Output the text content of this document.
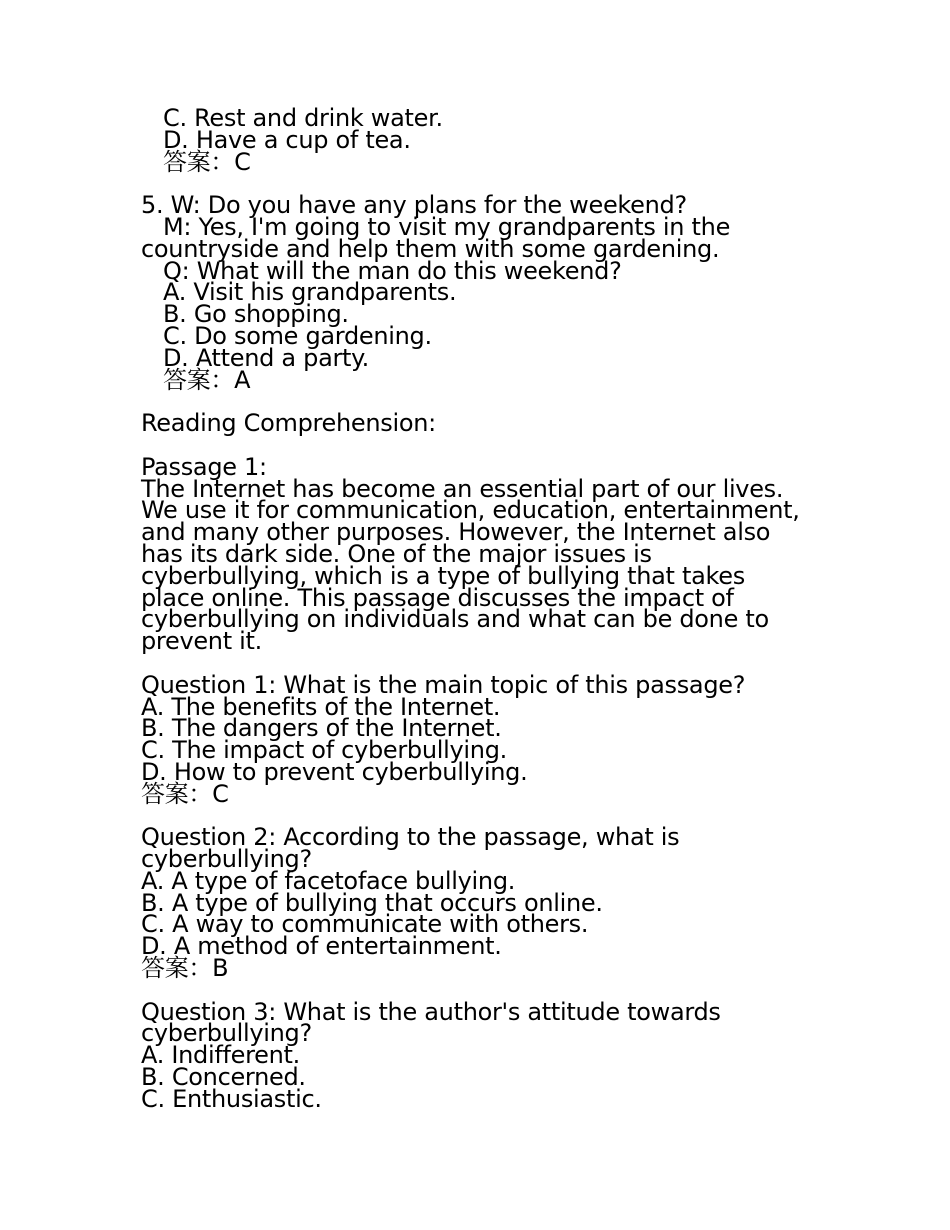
C. Rest and drink water.
D. Have a cup of tea.
答案：C
5. W: Do you have any plans for the weekend?
M: Yes, I'm going to visit my grandparents in the
countryside and help them with some gardening.
Q: What will the man do this weekend?
A. Visit his grandparents.
B. Go shopping.
C. Do some gardening.
D. Attend a party.
答案：A
Reading Comprehension:
Passage 1:
The Internet has become an essential part of our lives.
We use it for communication, education, entertainment,
and many other purposes. However, the Internet also
has its dark side. One of the major issues is
cyberbullying, which is a type of bullying that takes
place online. This passage discusses the impact of
cyberbullying on individuals and what can be done to
prevent it.
Question 1: What is the main topic of this passage?
A. The benefits of the Internet.
B. The dangers of the Internet.
C. The impact of cyberbullying.
D. How to prevent cyberbullying.
答案：C
Question 2: According to the passage, what is
cyberbullying?
A. A type of facetoface bullying.
B. A type of bullying that occurs online.
C. A way to communicate with others.
D. A method of entertainment.
答案：B
Question 3: What is the author's attitude towards
cyberbullying?
A. Indifferent.
B. Concerned.
C. Enthusiastic.
